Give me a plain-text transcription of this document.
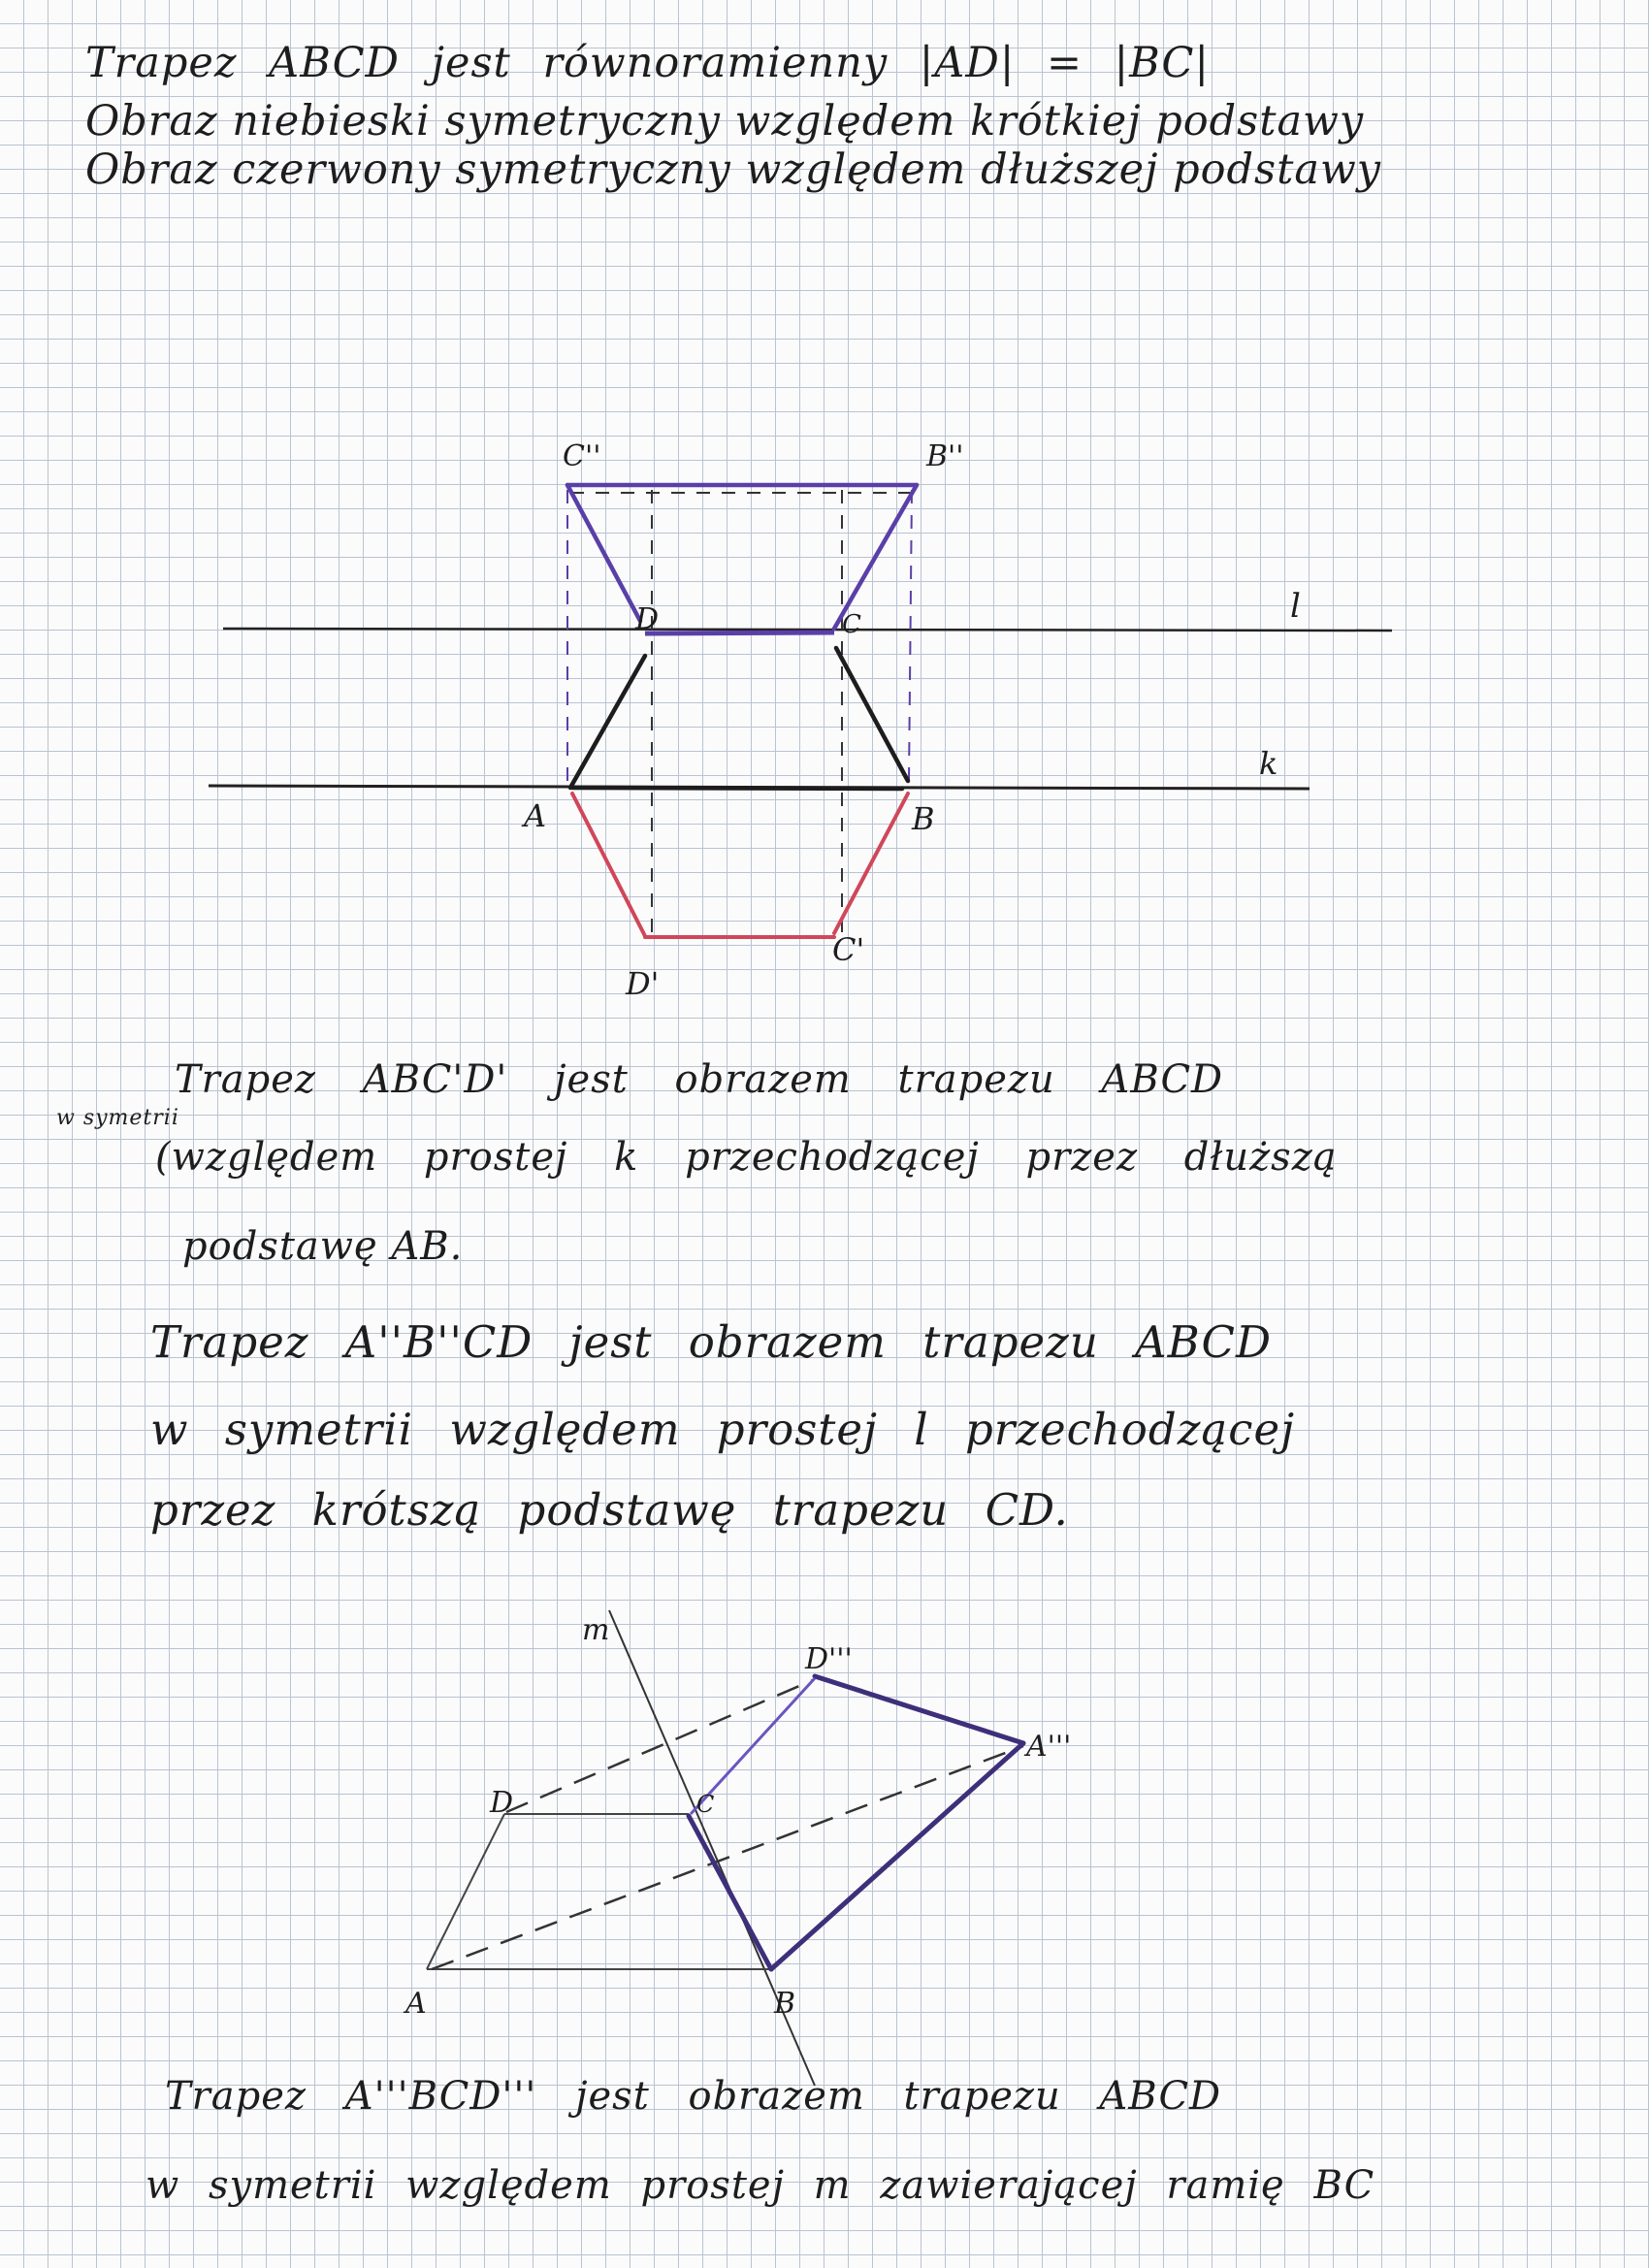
Trapez ABCD jest równoramienny |AD| = |BC|
Obraz niebieski symetryczny względem krótkiej podstawy
Obraz czerwony symetryczny względem dłuższej podstawy
C''	B''
D	C
A	B
D'
C'
l
k
w symetrii
Trapez ABC'D' jest obrazem trapezu ABCD
(względem prostej k przechodzącej przez dłuższą
podstawę AB.
Trapez A''B''CD jest obrazem trapezu ABCD
w symetrii względem prostej l przechodzącej
przez krótszą podstawę trapezu CD.
m
D'''
A'''
D	C
A	B
Trapez A'''BCD''' jest obrazem trapezu ABCD
w symetrii względem prostej m zawierającej ramię BC
